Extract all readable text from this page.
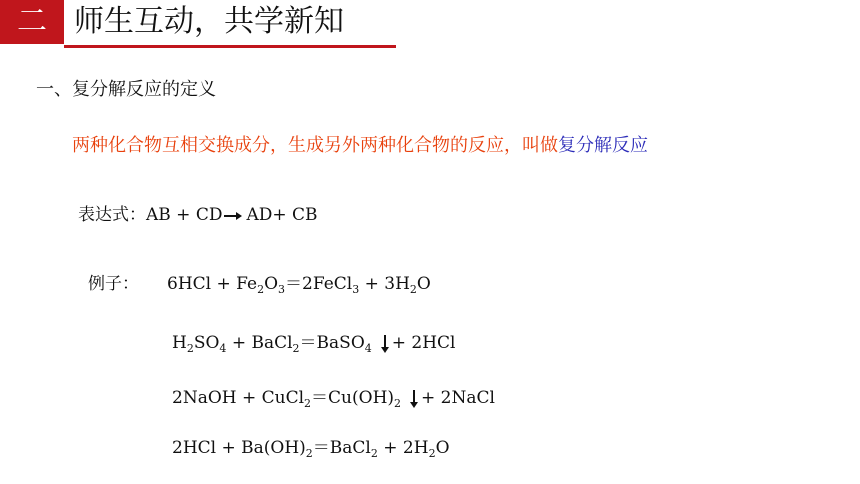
二 师生互动，共学新知
一、复分解反应的定义
两种化合物互相交换成分，生成另外两种化合物的反应，叫做复分解反应
表达式：AB + CD AD+ CB
例子： $6HCl + Fe_2O_3=2FeCl_3 + 3H_2O$
$H_2SO_4$ + BaCl$_2$＝BaSO$_4$ + 2HCl
2NaOH + $CuCl_2=Cu(OH)_2$ + 2NaCl
$2HCl + Ba(OH)_2=BaCl_2 + 2H_2O$
